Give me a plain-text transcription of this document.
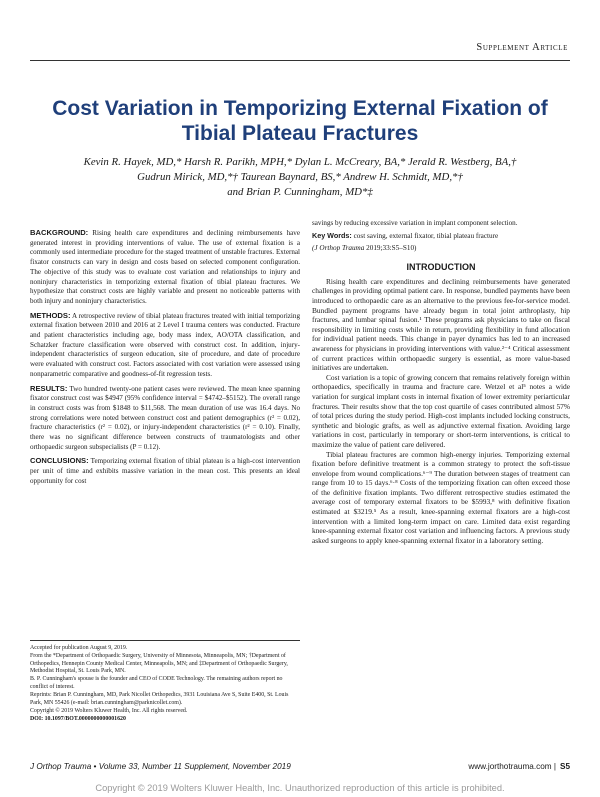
Supplement Article
Cost Variation in Temporizing External Fixation of Tibial Plateau Fractures
Kevin R. Hayek, MD,* Harsh R. Parikh, MPH,* Dylan L. McCreary, BA,* Jerald R. Westberg, BA,†
Gudrun Mirick, MD,*† Taurean Baynard, BS,* Andrew H. Schmidt, MD,*†
and Brian P. Cunningham, MD*‡

BACKGROUND: Rising health care expenditures and declining reimbursements have generated interest in providing interventions of value. The use of external fixation is a commonly used intermediate procedure for the staged treatment of unstable fractures. External fixator constructs can vary in design and costs based on selected component configuration. The objective of this study was to evaluate cost variation and relationships to injury and noninjury characteristics in temporizing external fixation of tibial plateau fractures. We hypothesize that construct costs are highly variable and present no noticeable patterns with both injury and noninjury characteristics.

METHODS: A retrospective review of tibial plateau fractures treated with initial temporizing external fixation between 2010 and 2016 at 2 Level I trauma centers was conducted. Fracture and patient characteristics including age, body mass index, AO/OTA classification, and Schatzker fracture classification were observed with construct cost. In addition, injury-independent characteristics of surgeon education, site of procedure, and date of procedure were evaluated with construct cost. Factors associated with cost variation were assessed using nonparametric comparative and goodness-of-fit regression tests.

RESULTS: Two hundred twenty-one patient cases were reviewed. The mean knee spanning fixator construct cost was $4947 (95% confidence interval = $4742–$5152). The overall range in construct costs was from $1848 to $11,568. The mean duration of use was 16.4 days. No strong correlations were noted between construct cost and patient demographics (r² = 0.02), fracture characteristics (r² = 0.02), or injury-independent characteristics (r² = 0.10). Finally, there was no significant difference between constructs of traumatologists and other orthopaedic surgeon subspecialists (P = 0.12).

CONCLUSIONS: Temporizing external fixation of tibial plateau is a high-cost intervention per unit of time and exhibits massive variation in the mean cost. This presents an ideal opportunity for cost

savings by reducing excessive variation in implant component selection.

Key Words: cost saving, external fixator, tibial plateau fracture

(J Orthop Trauma 2019;33:S5–S10)

INTRODUCTION

Rising health care expenditures and declining reimbursements have generated challenges in providing optimal patient care. In response, bundled payments have been introduced to orthopaedic care as an alternative to the previous fee-for-service model. Bundled payment programs have already begun in total joint arthroplasty, hip fractures, and lumbar spinal fusion.¹ These programs ask physicians to take on fiscal responsibility in limiting costs while in return, providing flexibility in fund allocation for individual patient needs. This change in payer dynamics has led to an increased awareness for physicians in providing interventions with value.²⁻⁴ Critical assessment of current practices within orthopaedic surgery is essential, as more value-based initiatives are undertaken.

Cost variation is a topic of growing concern that remains relatively foreign within orthopaedics, specifically in trauma and fracture care. Wetzel et al⁵ notes a wide variation for surgical implant costs in internal fixation of lower extremity periarticular fractures. Their results show that the top cost quartile of cases contributed almost 57% of total prices during the study period. High-cost implants included locking constructs, synthetic and biologic grafts, as well as adjunctive external fixation. Avoiding large variations in cost, particularly in temporary or short-term interventions, is critical to maximize the value of patient care delivered.

Tibial plateau fractures are common high-energy injuries. Temporizing external fixation before definitive treatment is a common strategy to protect the soft-tissue envelope from wound complications.⁶⁻⁹ The duration between stages of treatment can range from 10 to 15 days.⁶·⁸ Costs of the temporizing fixation can often exceed those of the definitive fixation implants. Two different retrospective studies estimated the average cost of temporary external fixators to be $5993,⁸ with definitive fixation estimated at $3219.⁵ As a result, knee-spanning external fixators are a high-cost intervention with a limited long-term impact on care. Limited data exist regarding knee-spanning external fixator cost variation and influencing factors. A previous study asked surgeons to apply knee-spanning external fixator in a laboratory setting.

Accepted for publication August 9, 2019.

From the *Department of Orthopaedic Surgery, University of Minnesota, Minneapolis, MN; †Department of Orthopedics, Hennepin County Medical Center, Minneapolis, MN; and ‡Department of Orthopaedic Surgery, Methodist Hospital, St. Louis Park, MN.

B. P. Cunningham's spouse is the founder and CEO of CODE Technology. The remaining authors report no conflict of interest.

Reprints: Brian P. Cunningham, MD, Park Nicollet Orthopedics, 3931 Louisiana Ave S, Suite E400, St. Louis Park, MN 55426 (e-mail: brian.cunningham@parknicollet.com).

Copyright © 2019 Wolters Kluwer Health, Inc. All rights reserved.

DOI: 10.1097/BOT.0000000000001620

J Orthop Trauma • Volume 33, Number 11 Supplement, November 2019	www.jorthotrauma.com | S5
Copyright © 2019 Wolters Kluwer Health, Inc. Unauthorized reproduction of this article is prohibited.
